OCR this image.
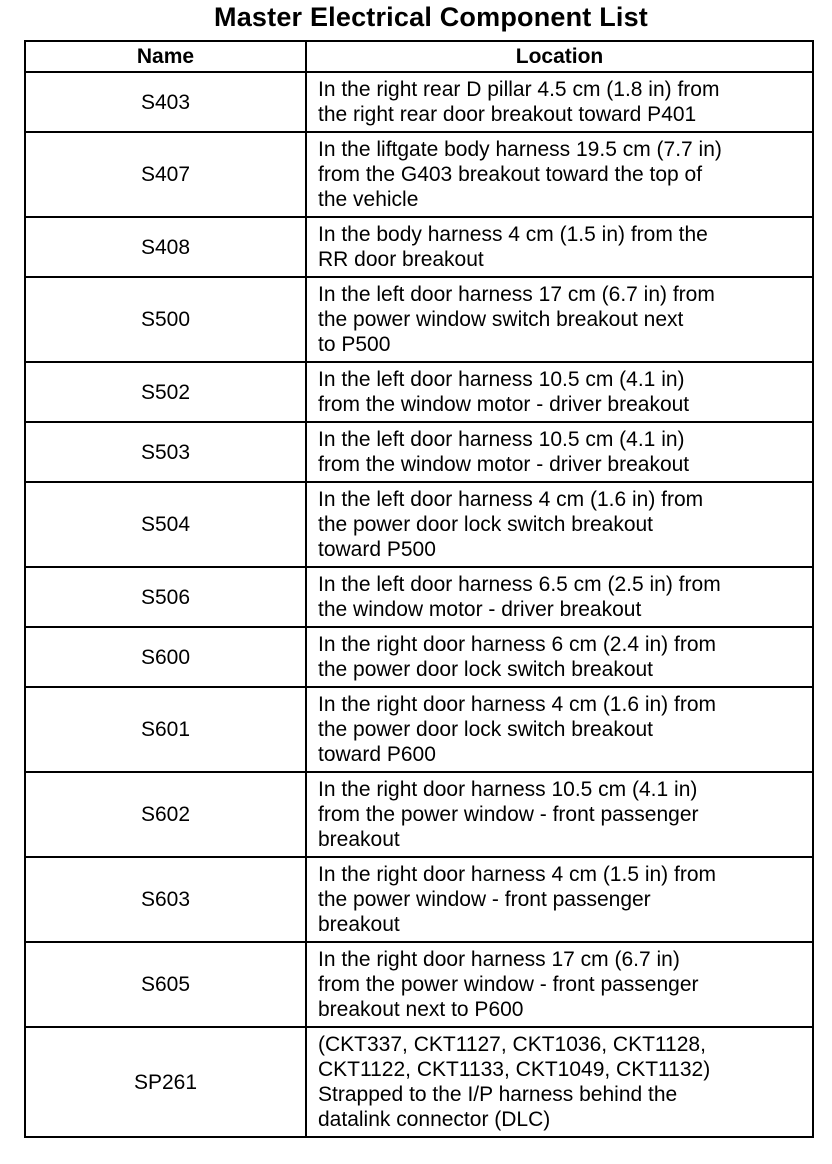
Master Electrical Component List
Name	Location
S403	In the right rear D pillar 4.5 cm (1.8 in) from
the right rear door breakout toward P401
S407	In the liftgate body harness 19.5 cm (7.7 in)
from the G403 breakout toward the top of
the vehicle
S408	In the body harness 4 cm (1.5 in) from the
RR door breakout
S500	In the left door harness 17 cm (6.7 in) from
the power window switch breakout next
to P500
S502	In the left door harness 10.5 cm (4.1 in)
from the window motor - driver breakout
S503	In the left door harness 10.5 cm (4.1 in)
from the window motor - driver breakout
S504	In the left door harness 4 cm (1.6 in) from
the power door lock switch breakout
toward P500
S506	In the left door harness 6.5 cm (2.5 in) from
the window motor - driver breakout
S600	In the right door harness 6 cm (2.4 in) from
the power door lock switch breakout
S601	In the right door harness 4 cm (1.6 in) from
the power door lock switch breakout
toward P600
S602	In the right door harness 10.5 cm (4.1 in)
from the power window - front passenger
breakout
S603	In the right door harness 4 cm (1.5 in) from
the power window - front passenger
breakout
S605	In the right door harness 17 cm (6.7 in)
from the power window - front passenger
breakout next to P600
SP261	(CKT337, CKT1127, CKT1036, CKT1128,
CKT1122, CKT1133, CKT1049, CKT1132)
Strapped to the I/P harness behind the
datalink connector (DLC)
